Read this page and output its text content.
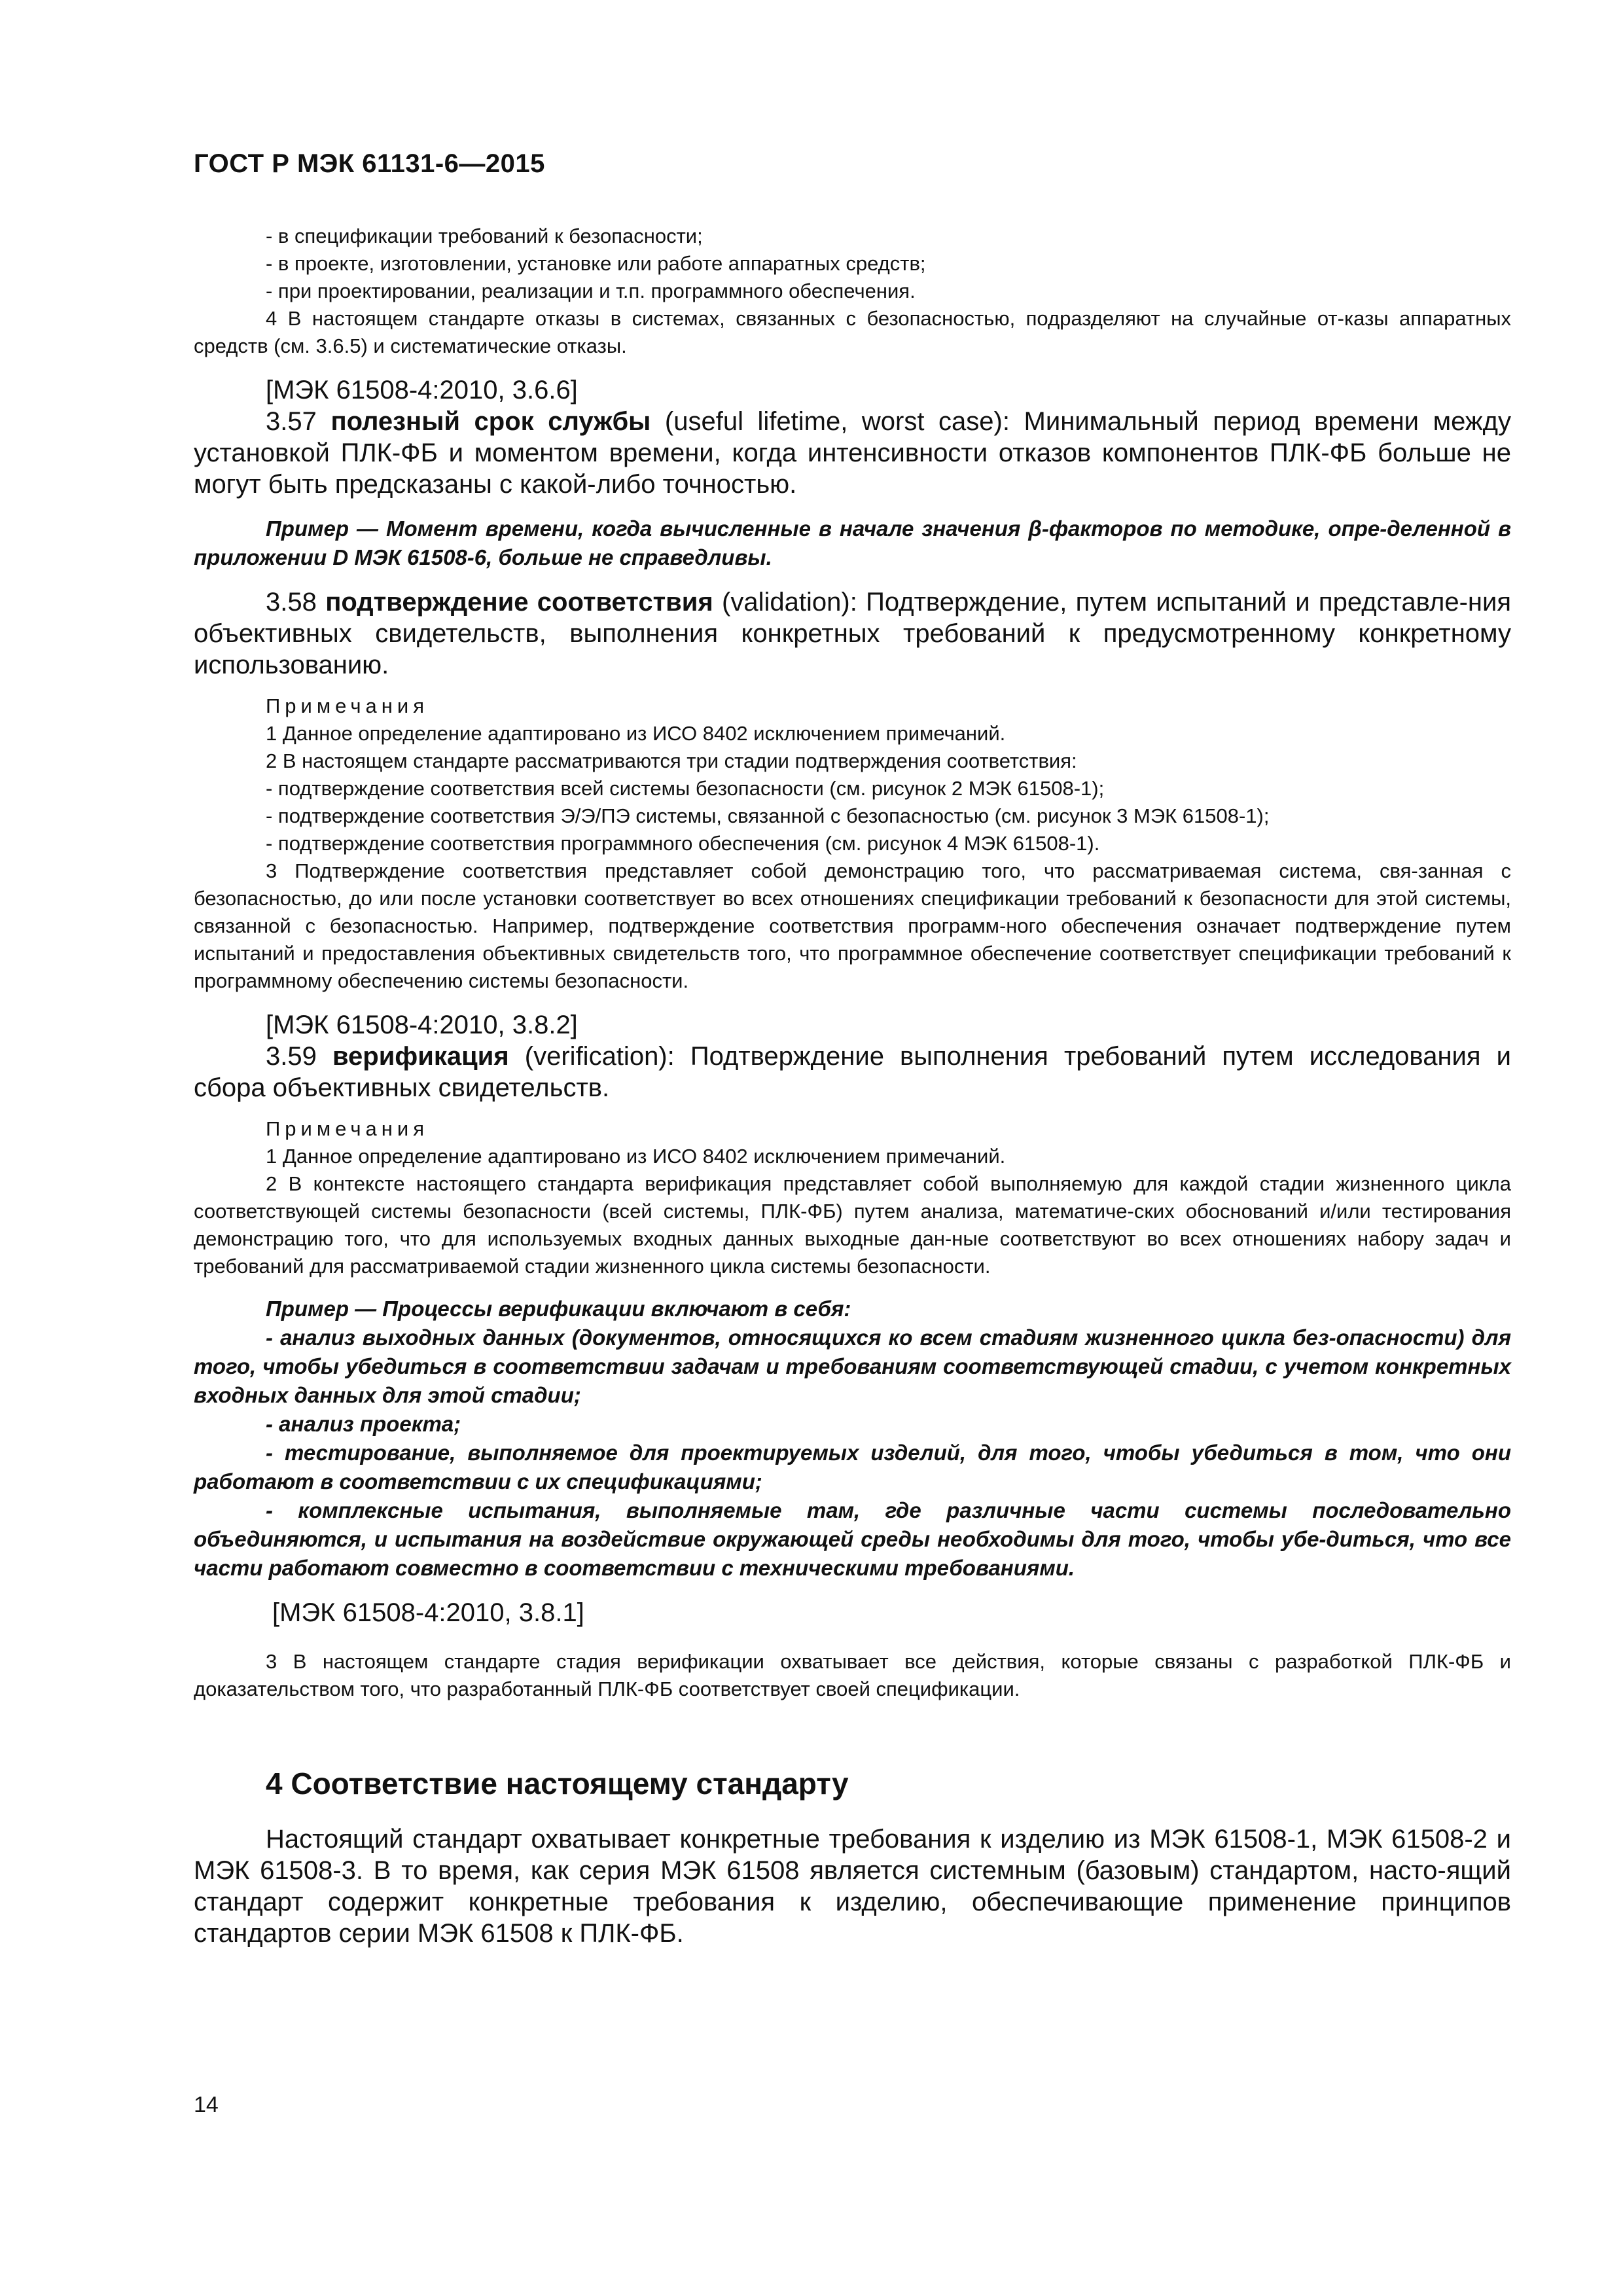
ГОСТ Р МЭК 61131-6—2015

- в спецификации требований к безопасности;

- в проекте, изготовлении, установке или работе аппаратных средств;

- при проектировании, реализации и т.п. программного обеспечения.

4 В настоящем стандарте отказы в системах, связанных с безопасностью, подразделяют на случайные от-казы аппаратных средств (см. 3.6.5) и систематические отказы.

[МЭК 61508-4:2010, 3.6.6]

3.57 полезный срок службы (useful lifetime, worst case): Минимальный период времени между установкой ПЛК-ФБ и моментом времени, когда интенсивности отказов компонентов ПЛК-ФБ больше не могут быть предсказаны с какой-либо точностью.

Пример — Момент времени, когда вычисленные в начале значения β-факторов по методике, опре-деленной в приложении D МЭК 61508-6, больше не справедливы.

3.58 подтверждение соответствия (validation): Подтверждение, путем испытаний и представле-ния объективных свидетельств, выполнения конкретных требований к предусмотренному конкретному использованию.

Примечания

1 Данное определение адаптировано из ИСО 8402 исключением примечаний.

2 В настоящем стандарте рассматриваются три стадии подтверждения соответствия:

- подтверждение соответствия всей системы безопасности (см. рисунок 2 МЭК 61508-1);

- подтверждение соответствия Э/Э/ПЭ системы, связанной с безопасностью (см. рисунок 3 МЭК 61508-1);

- подтверждение соответствия программного обеспечения (см. рисунок 4 МЭК 61508-1).

3 Подтверждение соответствия представляет собой демонстрацию того, что рассматриваемая система, свя-занная с безопасностью, до или после установки соответствует во всех отношениях спецификации требований к безопасности для этой системы, связанной с безопасностью. Например, подтверждение соответствия программ-ного обеспечения означает подтверждение путем испытаний и предоставления объективных свидетельств того, что программное обеспечение соответствует спецификации требований к программному обеспечению системы безопасности.

[МЭК 61508-4:2010, 3.8.2]

3.59 верификация (verification): Подтверждение выполнения требований путем исследования и сбора объективных свидетельств.

Примечания

1 Данное определение адаптировано из ИСО 8402 исключением примечаний.

2 В контексте настоящего стандарта верификация представляет собой выполняемую для каждой стадии жизненного цикла соответствующей системы безопасности (всей системы, ПЛК-ФБ) путем анализа, математиче-ских обоснований и/или тестирования демонстрацию того, что для используемых входных данных выходные дан-ные соответствуют во всех отношениях набору задач и требований для рассматриваемой стадии жизненного цикла системы безопасности.

Пример — Процессы верификации включают в себя:

- анализ выходных данных (документов, относящихся ко всем стадиям жизненного цикла без-опасности) для того, чтобы убедиться в соответствии задачам и требованиям соответствующей стадии, с учетом конкретных входных данных для этой стадии;

- анализ проекта;

- тестирование, выполняемое для проектируемых изделий, для того, чтобы убедиться в том, что они работают в соответствии с их спецификациями;

- комплексные испытания, выполняемые там, где различные части системы последовательно объединяются, и испытания на воздействие окружающей среды необходимы для того, чтобы убе-диться, что все части работают совместно в соответствии с техническими требованиями.

[МЭК 61508-4:2010, 3.8.1]

3 В настоящем стандарте стадия верификации охватывает все действия, которые связаны с разработкой ПЛК-ФБ и доказательством того, что разработанный ПЛК-ФБ соответствует своей спецификации.

4 Соответствие настоящему стандарту

Настоящий стандарт охватывает конкретные требования к изделию из МЭК 61508-1, МЭК 61508-2 и МЭК 61508-3. В то время, как серия МЭК 61508 является системным (базовым) стандартом, насто-ящий стандарт содержит конкретные требования к изделию, обеспечивающие применение принципов стандартов серии МЭК 61508 к ПЛК-ФБ.

14
